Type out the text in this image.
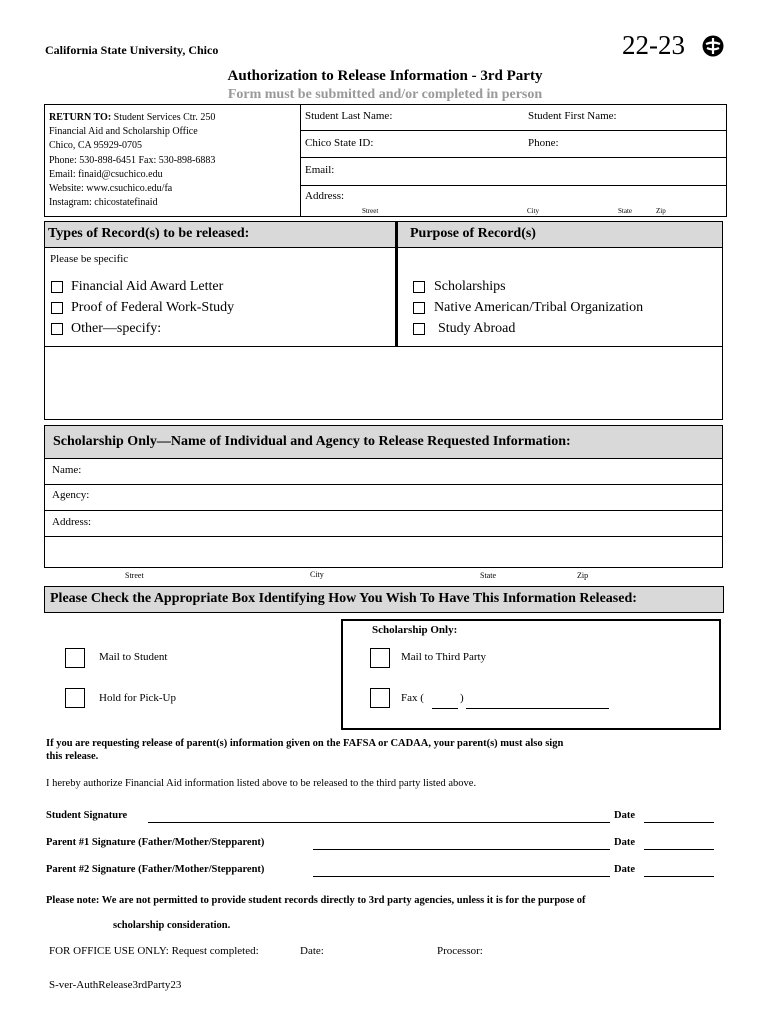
California State University, Chico	22-23
Authorization to Release Information - 3rd Party
Form must be submitted and/or completed in person
RETURN TO: Student Services Ctr. 250
Financial Aid and Scholarship Office
Chico, CA 95929-0705
Phone: 530-898-6451 Fax: 530-898-6883
Email: finaid@csuchico.edu
Website: www.csuchico.edu/fa
Instagram: chicostatefinaid
Student Last Name:	Student First Name:
Chico State ID:	Phone:
Email:
Address:
Street	City	State	Zip
Types of Record(s) to be released:	Purpose of Record(s)
Please be specific
Financial Aid Award Letter
Proof of Federal Work-Study
Other—specify:
Scholarships
Native American/Tribal Organization
Study Abroad
Scholarship Only—Name of Individual and Agency to Release Requested Information:
Name:
Agency:
Address:
Street	City	State	Zip
Please Check the Appropriate Box Identifying How You Wish To Have This Information Released:
Scholarship Only:
Mail to Student
Hold for Pick-Up
Mail to Third Party
Fax (	)
If you are requesting release of parent(s) information given on the FAFSA or CADAA, your parent(s) must also sign
this release.
I hereby authorize Financial Aid information listed above to be released to the third party listed above.
Student Signature	Date
Parent #1 Signature (Father/Mother/Stepparent)	Date
Parent #2 Signature (Father/Mother/Stepparent)	Date
Please note: We are not permitted to provide student records directly to 3rd party agencies, unless it is for the purpose of
scholarship consideration.
FOR OFFICE USE ONLY: Request completed:	Date:	Processor:
S-ver-AuthRelease3rdParty23
